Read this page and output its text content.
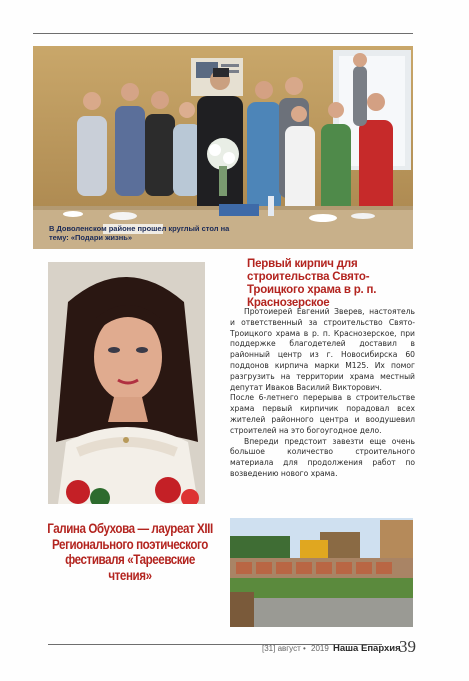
В Доволенском районе прошел круглый стол на тему: «Подари жизнь»
Первый кирпич для строительства Свято-Троицкого храма в р. п. Краснозерское

Протоиерей Евгений Зверев, настоятель и ответственный за строительство Свято-Троицкого храма в р. п. Краснозерское, при поддержке благодетелей доставил в районный центр из г. Новосибирска 60 поддонов кирпича марки М125. Их помог разгрузить на территории храма местный депутат Иваков Василий Викторович.

После 6-летнего перерыва в строительстве храма первый кирпичик порадовал всех жителей районного центра и воодушевил строителей на это богоугодное дело.

Впереди предстоит завезти еще очень большое количество строительного материала для продолжения работ по возведению нового храма.

Галина Обухова — лауреат XIII Регионального поэтического фестиваля «Тареевские чтения»
[31] август • 2019 Наша Епархия
39
